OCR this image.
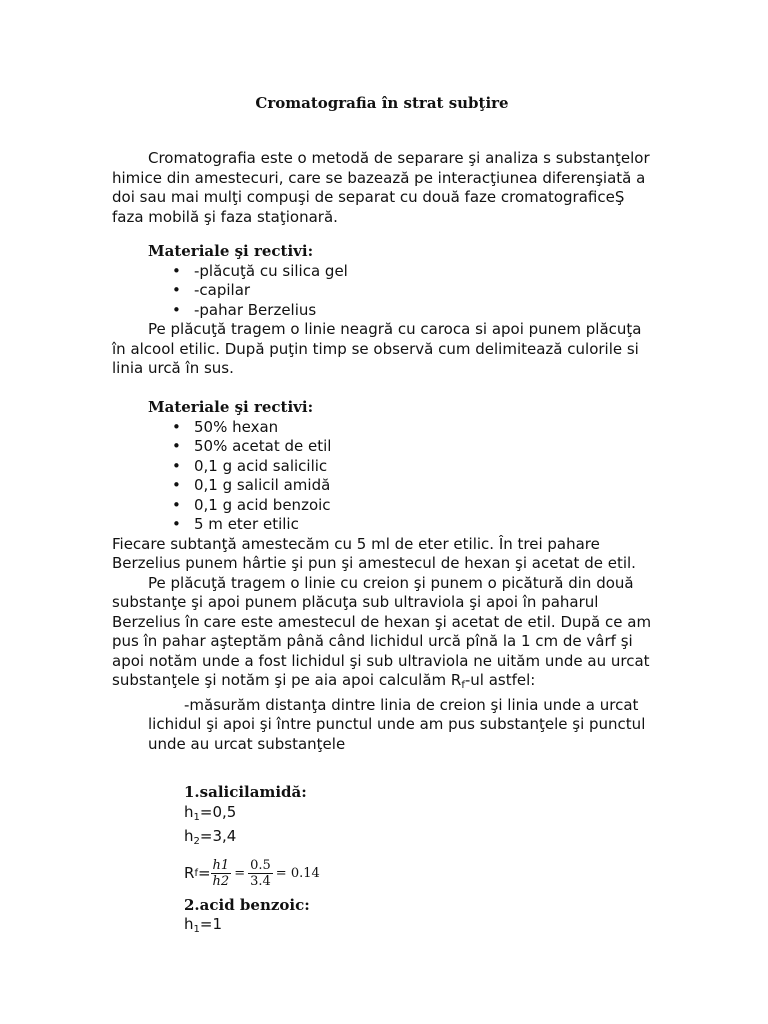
Cromatografia în strat subţire
Cromatografia este o metodă de separare şi analiza s substanţelor himice din amestecuri, care se bazează pe interacţiunea diferenşiată a doi sau mai mulţi compuşi de separat cu două faze cromatograficeŞ faza mobilă şi faza staţionară.
Materiale şi rectivi:
• -plăcuţă cu silica gel
• -capilar
• -pahar Berzelius
Pe plăcuţă tragem o linie neagră cu caroca si apoi punem plăcuţa în alcool etilic. După puţin timp se observă cum delimitează culorile si linia urcă în sus.
Materiale şi rectivi:
• 50% hexan
• 50% acetat de etil
• 0,1 g acid salicilic
• 0,1 g salicil amidă
• 0,1 g acid benzoic
• 5 m eter etilic
Fiecare subtanţă amestecăm cu 5 ml de eter etilic. În trei pahare Berzelius punem hârtie şi pun şi amestecul de hexan şi acetat de etil.
Pe plăcuţă tragem o linie cu creion şi punem o picătură din două substanţe şi apoi punem plăcuţa sub ultraviola şi apoi în paharul Berzelius în care este amestecul de hexan şi acetat de etil. După ce am pus în pahar aşteptăm până când lichidul urcă pînă la 1 cm de vârf şi apoi notăm unde a fost lichidul şi sub ultraviola ne uităm unde au urcat substanţele şi notăm şi pe aia apoi calculăm $R_f-ul$ astfel:
-măsurăm distanţa dintre linia de creion şi linia unde a urcat lichidul şi apoi şi între punctul unde am pus substanţele şi punctul unde au urcat substanţele
1.salicilamidă:
$h_1=0,5$
$h_2=3,4$
R $f = \frac{h1}{h2} = \frac{0.5}{3.4} = 0.14$
2.acid benzoic:
$h_1=1$
